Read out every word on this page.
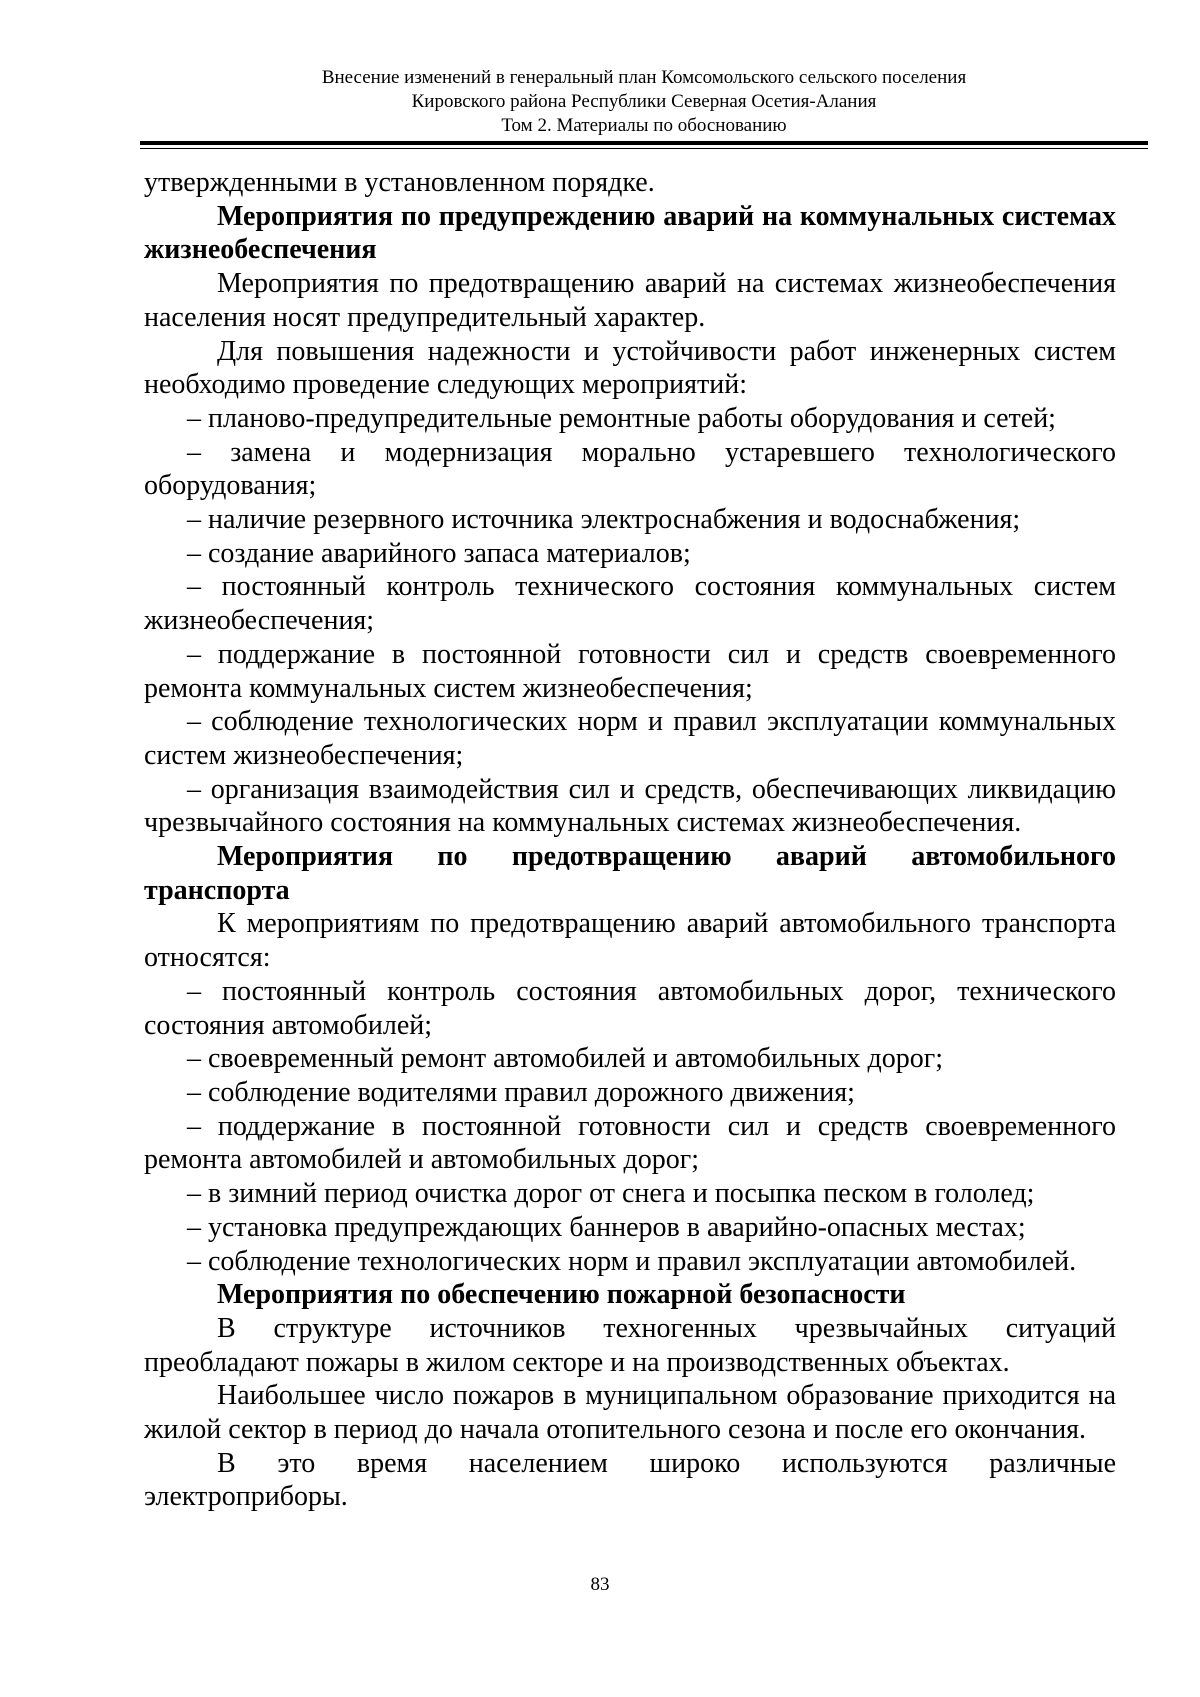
Внесение изменений в генеральный план Комсомольского сельского поселения
Кировского района Республики Северная Осетия-Алания
Том 2. Материалы по обоснованию

утвержденными в установленном порядке.

Мероприятия по предупреждению аварий на коммунальных системах жизнеобеспечения

Мероприятия по предотвращению аварий на системах жизнеобеспечения населения носят предупредительный характер.

Для повышения надежности и устойчивости работ инженерных систем необходимо проведение следующих мероприятий:

– планово-предупредительные ремонтные работы оборудования и сетей;

– замена и модернизация морально устаревшего технологического оборудования;

– наличие резервного источника электроснабжения и водоснабжения;

– создание аварийного запаса материалов;

– постоянный контроль технического состояния коммунальных систем жизнеобеспечения;

– поддержание в постоянной готовности сил и средств своевременного ремонта коммунальных систем жизнеобеспечения;

– соблюдение технологических норм и правил эксплуатации коммунальных систем жизнеобеспечения;

– организация взаимодействия сил и средств, обеспечивающих ликвидацию чрезвычайного состояния на коммунальных системах жизнеобеспечения.

Мероприятия по предотвращению аварий автомобильного транспорта

К мероприятиям по предотвращению аварий автомобильного транспорта относятся:

– постоянный контроль состояния автомобильных дорог, технического состояния автомобилей;

– своевременный ремонт автомобилей и автомобильных дорог;

– соблюдение водителями правил дорожного движения;

– поддержание в постоянной готовности сил и средств своевременного ремонта автомобилей и автомобильных дорог;

– в зимний период очистка дорог от снега и посыпка песком в гололед;

– установка предупреждающих баннеров в аварийно-опасных местах;

– соблюдение технологических норм и правил эксплуатации автомобилей.

Мероприятия по обеспечению пожарной безопасности

В структуре источников техногенных чрезвычайных ситуаций преобладают пожары в жилом секторе и на производственных объектах.

Наибольшее число пожаров в муниципальном образование приходится на жилой сектор в период до начала отопительного сезона и после его окончания.

В это время населением широко используются различные электроприборы.

83
